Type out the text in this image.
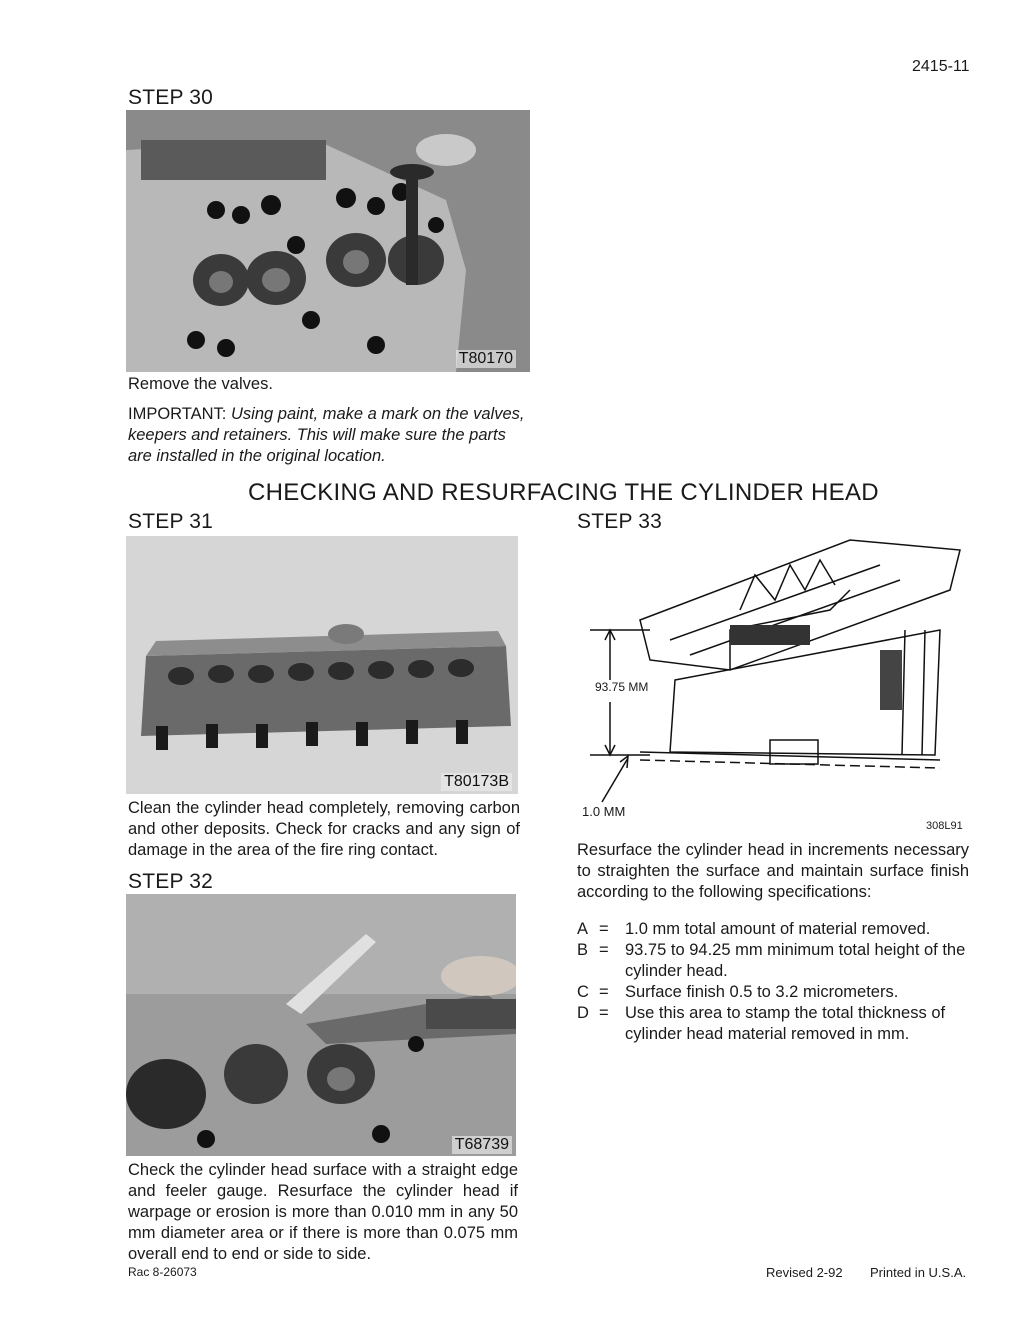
2415-11
STEP 30
T80170
Remove the valves.
IMPORTANT: Using paint, make a mark on the valves, keepers and retainers. This will make sure the parts are installed in the original location.
CHECKING AND RESURFACING THE CYLINDER HEAD
STEP 31
T80173B
Clean the cylinder head completely, removing carbon and other deposits. Check for cracks and any sign of damage in the area of the fire ring contact.
STEP 32
T68739
Check the cylinder head surface with a straight edge and feeler gauge. Resurface the cylinder head if warpage or erosion is more than 0.010 mm in any 50 mm diameter area or if there is more than 0.075 mm overall end to end or side to side.
STEP 33
93.75 MM
1.0 MM
308L91
Resurface the cylinder head in increments necessary to straighten the surface and maintain surface finish according to the following specifications:
A = 1.0 mm total amount of material removed.
B = 93.75 to 94.25 mm minimum total height of the cylinder head.
C = Surface finish 0.5 to 3.2 micrometers.
D = Use this area to stamp the total thickness of cylinder head material removed in mm.
Rac 8-26073	Revised 2-92 Printed in U.S.A.
